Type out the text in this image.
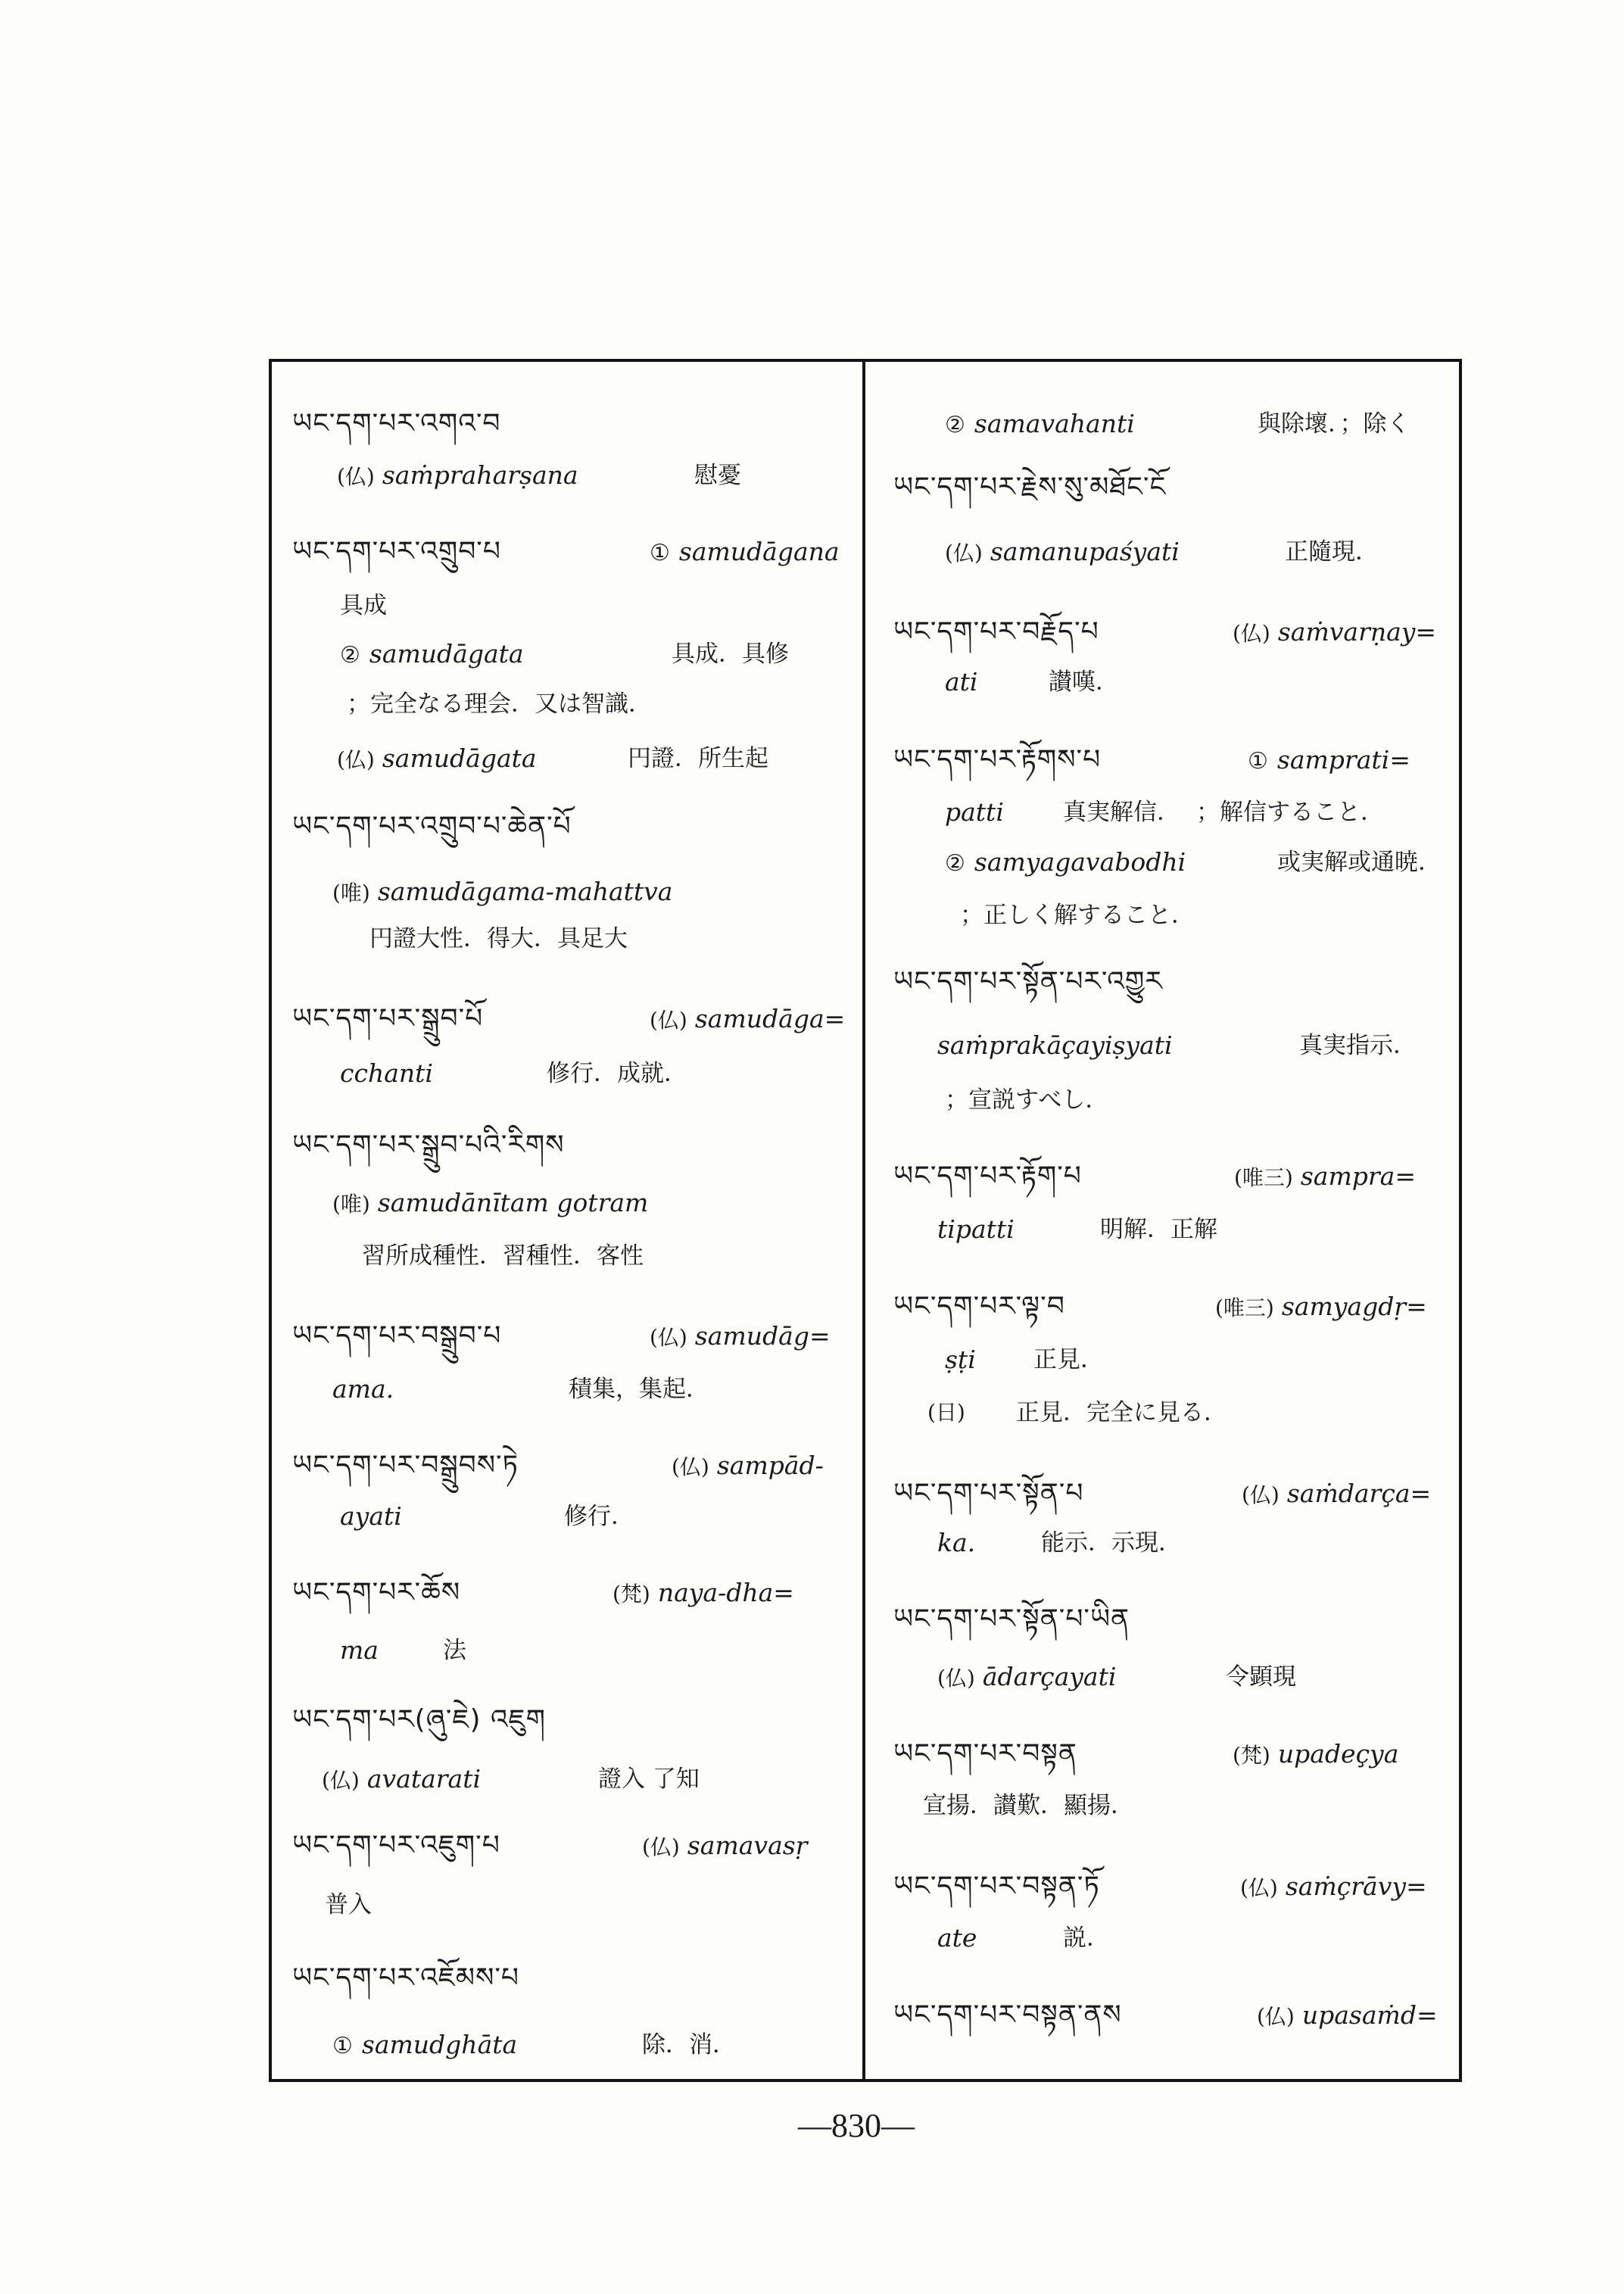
ཡང་དག་པར་འགའ་བ
(仏) saṁpraharṣana	慰憂
ཡང་དག་པར་འགྲུབ་པ	① samudāgana
具成
② samudāgata	具成．具修
；完全なる理会．又は智識．
(仏) samudāgata	円證．所生起
ཡང་དག་པར་འགྲུབ་པ་ཆེན་པོ
(唯) samudāgama-mahattva
円證大性．得大．具足大
ཡང་དག་པར་སྒྲུབ་པོ	(仏) samudāga=
cchanti	修行．成就．
ཡང་དག་པར་སྒྲུབ་པའི་རིགས
(唯) samudānītam gotram
習所成種性．習種性．客性
ཡང་དག་པར་བསྒྲུབ་པ	(仏) samudāg=
ama.	積集，集起．
ཡང་དག་པར་བསྒྲུབས་ཏེ	(仏) sampād-
ayati	修行．
ཡང་དག་པར་ཆོས	(梵) naya-dha=
ma	法
ཡང་དག་པར(ཞུ་ཇེ) འཇུག
(仏) avatarati	證入 了知
ཡང་དག་པར་འཇུག་པ	(仏) samavasṛ
普入
ཡང་དག་པར་འཇོམས་པ
① samudghāta	除．消．
② samavahanti	與除壞．；除く
ཡང་དག་པར་རྗེས་སུ་མཐོང་ངོ
(仏) samanupaśyati	正隨現．
ཡང་དག་པར་བརྗོད་པ	(仏) saṁvarṇay=
ati	讃嘆．
ཡང་དག་པར་རྟོགས་པ	① samprati=
patti	真実解信． ；解信すること．
② samyagavabodhi	或実解或通暁．
；正しく解すること．
ཡང་དག་པར་སྟོན་པར་འགྱུར
saṁprakāçayiṣyati	真実指示．
；宣説すべし．
ཡང་དག་པར་རྟོག་པ	(唯三) sampra=
tipatti	明解．正解
ཡང་དག་པར་ལྟ་བ	(唯三) samyagdṛ=
ṣṭi 正見．
(日) 正見．完全に見る．
ཡང་དག་པར་སྟོན་པ	(仏) saṁdarça=
ka.	能示．示現．
ཡང་དག་པར་སྟོན་པ་ཡིན
(仏) ādarçayati	令顕現
ཡང་དག་པར་བསྟན	(梵) upadeçya
宣揚．讃歎．顯揚．
ཡང་དག་པར་བསྟན་ཏོ	(仏) saṁçrāvy=
ate	説．
ཡང་དག་པར་བསྟན་ནས	(仏) upasaṁd=
—830—
